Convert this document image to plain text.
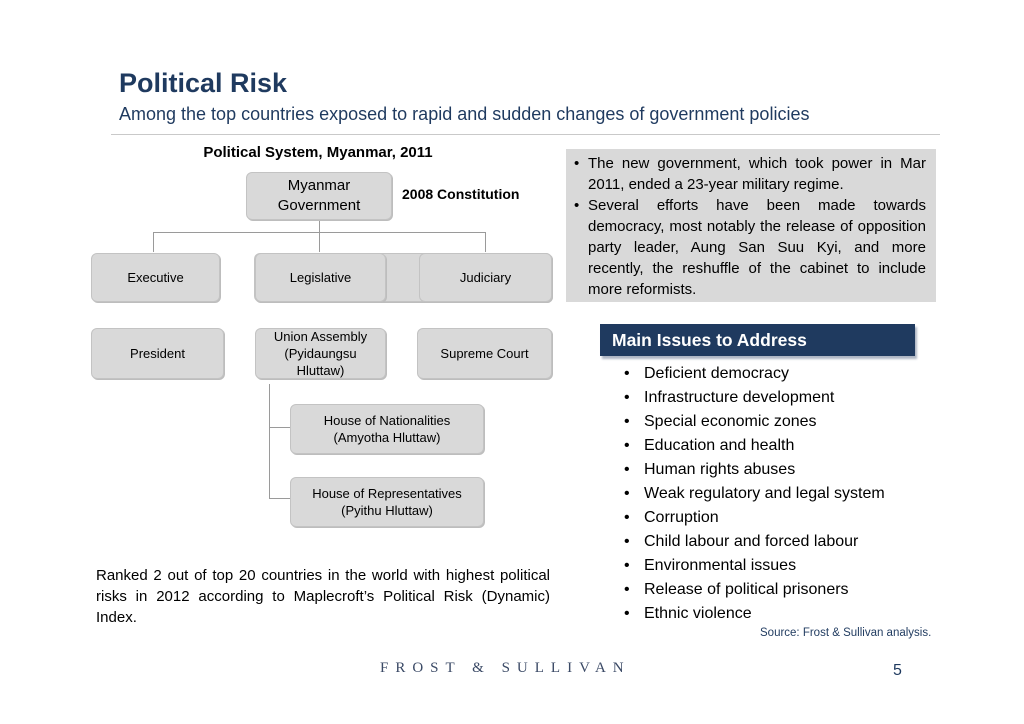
Political Risk
Among the top countries exposed to rapid and sudden changes of government policies
Political System, Myanmar, 2011
Myanmar Government
2008 Constitution
Executive	Legislative	Judiciary
President
Union Assembly (Pyidaungsu Hluttaw)
Supreme Court
House of Nationalities (Amyotha Hluttaw)
House of Representatives (Pyithu Hluttaw)
• The new government, which took power in Mar 2011, ended a 23-year military regime.
• Several efforts have been made towards democracy, most notably the release of opposition party leader, Aung San Suu Kyi, and more recently, the reshuffle of the cabinet to include more reformists.
Main Issues to Address
• Deficient democracy
• Infrastructure development
• Special economic zones
• Education and health
• Human rights abuses
• Weak regulatory and legal system
• Corruption
• Child labour and forced labour
• Environmental issues
• Release of political prisoners
• Ethnic violence
Ranked 2 out of top 20 countries in the world with highest political risks in 2012 according to Maplecroft’s Political Risk (Dynamic) Index.
Source: Frost & Sullivan analysis.
FROST & SULLIVAN	5
